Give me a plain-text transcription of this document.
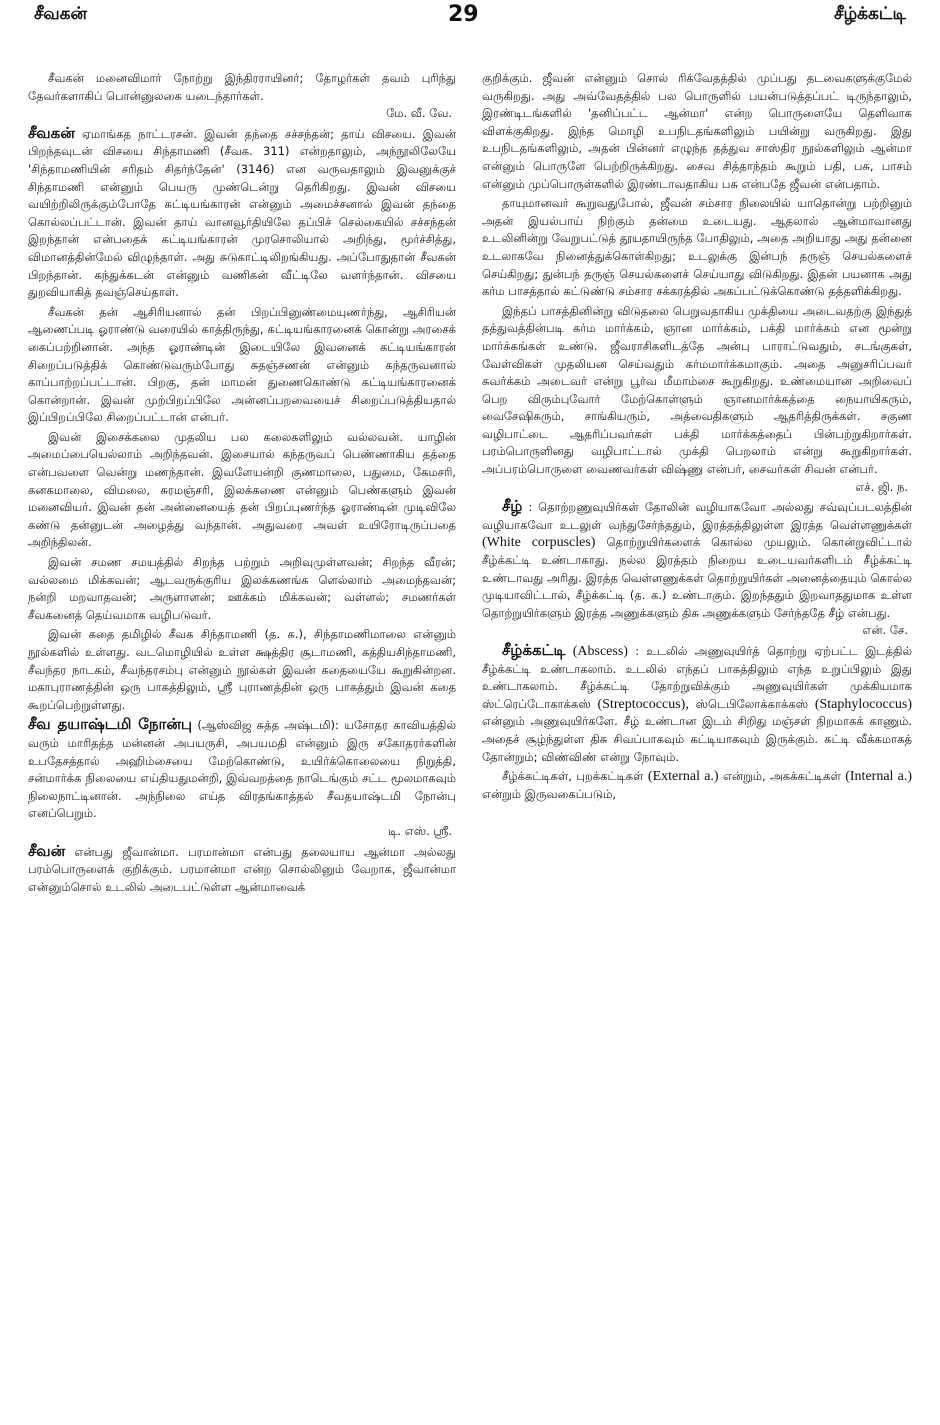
சீவகன்	29	சீழ்க்கட்டி

சீவகன் மனைவிமார் நோற்று இந்திரராயினர்; தோழர்கள் தவம் புரிந்து தேவர்களாகிப் பொன்னுலகை யடைந்தார்கள்.
மே. வீ. வே.

சீவகன் ஏமாங்கத நாட்டரசன். இவன் தந்தை சச்சந்தன்; தாய் விசயை. இவன் பிறந்தவுடன் விசயை சிந்தாமணி (சீவக. 311) என்றதாலும், அந்நூலிலேயே 'சிந்தாமணியின் சரிதம் சிதர்ந்தேன்' (3146) என வருவதாலும் இவனுக்குச் சிந்தாமணி என்னும் பெயரு முண்டென்று தெரிகிறது. இவன் விசயை வயிற்றிலிருக்கும்போதே கட்டியங்காரன் என்னும் அமைச்சனால் இவன் தந்தை கொல்லப்பட்டான். இவன் தாய் வானவூர்தியிலே தப்பிச் செல்கையில் சச்சந்தன் இறந்தான் என்பதைக் கட்டியங்காரன் முரசொலியால் அறிந்து, மூர்ச்சித்து, விமானத்தின்மேல் விழுந்தாள். அது சுடுகாட்டிலிறங்கியது. அப்போதுதான் சீவகன் பிறந்தான். கந்துக்கடன் என்னும் வணிகன் வீட்டிலே வளர்ந்தான். விசயை துறவியாகித் தவஞ்செய்தாள்.

சீவகன் தன் ஆசிரியனால் தன் பிறப்பினுண்மையுணர்ந்து, ஆசிரியன் ஆணைப்படி ஓராண்டு வரையில் காத்திருந்து, கட்டியங்காரனைக் கொன்று அரசைக் கைப்பற்றினான். அந்த ஓராண்டின் இடையிலே இவனைக் கட்டியங்காரன் சிறைப்படுத்திக் கொண்டுவரும்போது சுதஞ்சணன் என்னும் கந்தருவனால் காப்பாற்றப்பட்டான். பிறகு, தன் மாமன் துணைகொண்டு கட்டியங்காரனைக் கொன்றான். இவன் முற்பிறப்பிலே அன்னப்பறவையைச் சிறைப்படுத்தியதால் இப்பிறப்பிலே சிறைப்பட்டான் என்பர்.

இவன் இசைக்கலை முதலிய பல கலைகளிலும் வல்லவன். யாழின் அமைப்பையெல்லாம் அறிந்தவன். இசையால் கந்தருவப் பெண்ணாகிய தத்தை என்பவளை வென்று மணந்தான். இவளேயன்றி குணமாலை, பதுமை, கேமசரி, கனகமாலை, விமலை, சுரமஞ்சரி, இலக்கணை என்னும் பெண்களும் இவன் மனைவியர். இவன் தன் அன்னையைத் தன் பிறப்புணர்ந்த ஓராண்டின் முடிவிலே கண்டு தன்னுடன் அழைத்து வந்தான். அதுவரை அவள் உயிரோடிருப்பதை அறிந்திலன்.

இவன் சமண சமயத்தில் சிறந்த பற்றும் அறிவுமுள்ளவன்; சிறந்த வீரன்; வல்லமை மிக்கவன்; ஆடவருக்குரிய இலக்கணங்க ளெல்லாம் அமைந்தவன்; நன்றி மறவாதவன்; அருளாளன்; ஊக்கம் மிக்கவன்; வள்ளல்; சமணர்கள் சீவகனைத் தெய்வமாக வழிபடுவர்.

இவன் கதை தமிழில் சீவக சிந்தாமணி (த. க.), சிந்தாமணிமாலை என்னும் நூல்களில் உள்ளது. வடமொழியில் உள்ள க்ஷத்திர சூடாமணி, கத்தியசிந்தாமணி, சீவந்தர நாடகம், சீவந்தரசம்பு என்னும் நூல்கள் இவன் கதையையே கூறுகின்றன. மகாபுராணத்தின் ஒரு பாகத்திலும், ஸ்ரீ புராணத்தின் ஒரு பாகத்தும் இவன் கதை கூறப்பெற்றுள்ளது.

சீவ தயாஷ்டமி நோன்பு (ஆஸ்விஜ சுத்த அஷ்டமி): யசோதர காவியத்தில் வரும் மாரிதத்த மன்னன் அபயருசி, அபயமதி என்னும் இரு சகோதரர்களின் உபதேசத்தால் அஹிம்சையை மேற்கொண்டு, உயிர்க்கொலையை நிறுத்தி, சன்மார்க்க நிலையை எய்தியதுமன்றி, இவ்வறத்தை நாடெங்கும் சட்ட மூலமாகவும் நிலைநாட்டினான். அந்நிலை எய்த விரதங்காத்தல் சீவதயாஷ்டமி நோன்பு எனப்பெறும்.
டி. எஸ். ஸ்ரீ.

சீவன் என்பது ஜீவான்மா. பரமான்மா என்பது தலையாய ஆன்மா அல்லது பரம்பொருளைக் குறிக்கும். பரமான்மா என்ற சொல்லினும் வேறாக, ஜீவான்மா என்னும்சொல் உடலில் அடைபட்டுள்ள ஆன்மாவைக்

குறிக்கும். ஜீவன் என்னும் சொல் ரிக்வேதத்தில் முப்பது தடவைகளுக்குமேல் வருகிறது. அது அவ்வேதத்தில் பல பொருளில் பயன்படுத்தப்பட் டிருந்தாலும், இரண்டிடங்களில் 'தனிப்பட்ட ஆன்மா' என்ற பொருளையே தெளிவாக விளக்குகிறது. இந்த மொழி உபநிடதங்களிலும் பயின்று வருகிறது. இது உபநிடதங்களிலும், அதன் பின்னர் எழுந்த தத்துவ சாஸ்திர நூல்களிலும் ஆன்மா என்னும் பொருளே பெற்றிருக்கிறது. சைவ சித்தாந்தம் கூறும் பதி, பசு, பாசம் என்னும் முப்பொருள்களில் இரண்டாவதாகிய பசு என்பதே ஜீவன் என்பதாம்.

தாயுமானவர் கூறுவதுபோல், ஜீவன் சம்சார நிலையில் யாதொன்று பற்றினும் அதன் இயல்பாய் நிற்கும் தன்மை உடையது. ஆதலால் ஆன்மாவானது உடலினின்று வேறுபட்டுத் தூயதாயிருந்த போதிலும், அதை அறியாது அது தன்னை உடலாகவே நினைத்துக்கொள்கிறது; உடலுக்கு இன்பந் தருஞ் செயல்களைச் செய்கிறது; துன்பந் தருஞ் செயல்களைச் செய்யாது விடுகிறது. இதன் பயனாக அது கர்ம பாசத்தால் கட்டுண்டு சம்சார சக்கரத்தில் அகப்பட்டுக்கொண்டு தத்தளிக்கிறது.

இந்தப் பாசத்தினின்று விடுதலை பெறுவதாகிய முக்தியை அடைவதற்கு இந்துத் தத்துவத்தின்படி கர்ம மார்க்கம், ஞான மார்க்கம், பக்தி மார்க்கம் என மூன்று மார்க்கங்கள் உண்டு. ஜீவராசிகளிடத்தே அன்பு பாராட்டுவதும், சடங்குகள், வேள்விகள் முதலியன செய்வதும் கர்மமார்க்கமாகும். அதை அனுசரிப்பவர் சுவர்க்கம் அடைவர் என்று பூர்வ மீமாம்சை கூறுகிறது. உண்மையான அறிவைப் பெற விரும்புவோர் மேற்கொள்ளும் ஞானமார்க்கத்தை நையாயிகரும், வைசேஷிகரும், சாங்கியரும், அத்வைதிகளும் ஆதரித்திருக்கள். சகுண வழிபாட்டை ஆதரிப்பவர்கள் பக்தி மார்க்கத்தைப் பின்பற்றுகிறார்கள். பரம்பொருளினது வழிபாட்டால் முக்தி பெறலாம் என்று கூறுகிறார்கள். அப்பரம்பொருளை வைணவர்கள் விஷ்ணு என்பர், சைவர்கள் சிவன் என்பர்.
எச். ஜி. ந.

சீழ் : தொற்றணுவுயிர்கள் தோலின் வழியாகவோ அல்லது சவ்வுப்படலத்தின் வழியாகவோ உடலுள் வந்துசேர்ந்ததும், இரத்தத்திலுள்ள இரத்த வெள்ளணுக்கள் (White corpuscles) தொற்றுயிர்களைக் கொல்ல முயலும். கொன்றுவிட்டால் சீழ்க்கட்டி உண்டாகாது. நல்ல இரத்தம் நிறைய உடையவர்களிடம் சீழ்க்கட்டி உண்டாவது அரிது. இரத்த வெள்ளணுக்கள் தொற்றுயிர்கள் அனைத்தையும் கொல்ல முடியாவிட்டால், சீழ்க்கட்டி (த. க.) உண்டாகும். இறந்ததும் இறவாததுமாக உள்ள தொற்றுயிர்களும் இரத்த அணுக்களும் திசு அணுக்களும் சேர்ந்ததே சீழ் என்பது.
என். சே.

சீழ்க்கட்டி (Abscess) : உடலில் அணுவுயிர்த் தொற்று ஏற்பட்ட இடத்தில் சீழ்க்கட்டி உண்டாகலாம். உடலில் எந்தப் பாகத்திலும் எந்த உறுப்பிலும் இது உண்டாகலாம். சீழ்க்கட்டி தோற்றுவிக்கும் அணுவுயிர்கள் முக்கியமாக ஸ்ட்ரெப்டோகாக்கஸ் (Streptococcus), ஸ்டெபிலோக்காக்கஸ் (Staphylococcus) என்னும் அணுவுயிர்களே. சீழ் உண்டான இடம் சிறிது மஞ்சள் நிறமாகக் காணும். அதைச் சூழ்ந்துள்ள திசு சிவப்பாகவும் கட்டியாகவும் இருக்கும். கட்டி வீக்கமாகத் தோன்றும்; விண்விண் என்று நோவும்.

சீழ்க்கட்டிகள், புறக்கட்டிகள் (External a.) என்றும், அகக்கட்டிகள் (Internal a.) என்றும் இருவகைப்படும்,
